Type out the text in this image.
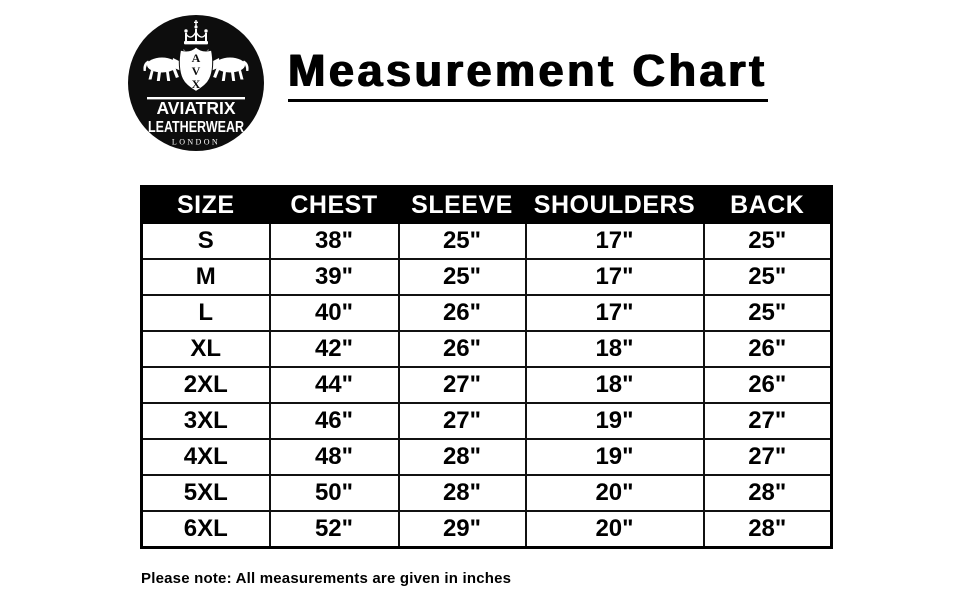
A
V
X
AVIATRIX
LEATHERWEAR
LONDON
Measurement Chart
SIZE	CHEST	SLEEVE	SHOULDERS	BACK
S	38"	25"	17"	25"
M	39"	25"	17"	25"
L	40"	26"	17"	25"
XL	42"	26"	18"	26"
2XL	44"	27"	18"	26"
3XL	46"	27"	19"	27"
4XL	48"	28"	19"	27"
5XL	50"	28"	20"	28"
6XL	52"	29"	20"	28"

Please note: All measurements are given in inches
